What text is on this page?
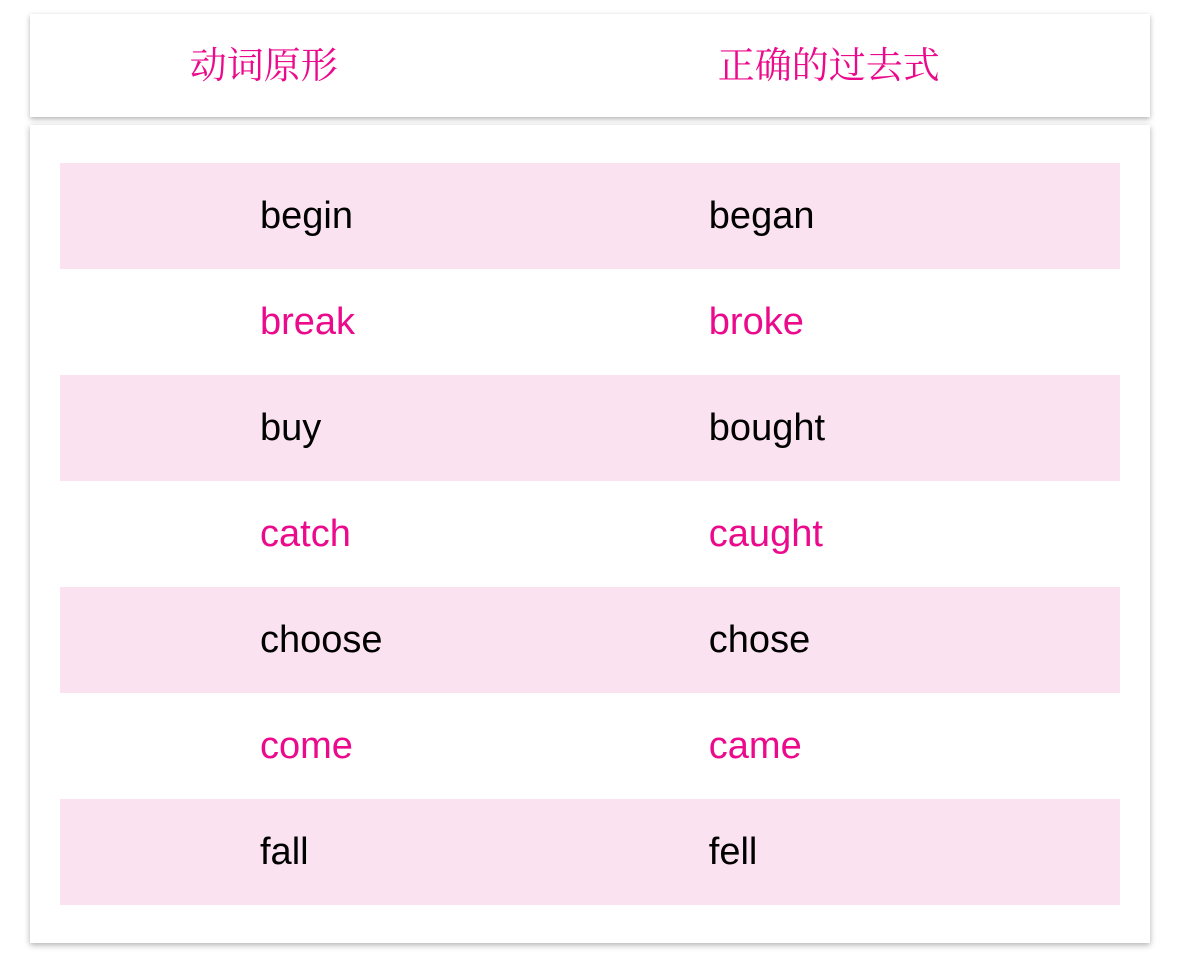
动词原形	正确的过去式
begin	began
break	broke
buy	bought
catch	caught
choose	chose
come	came
fall	fell
